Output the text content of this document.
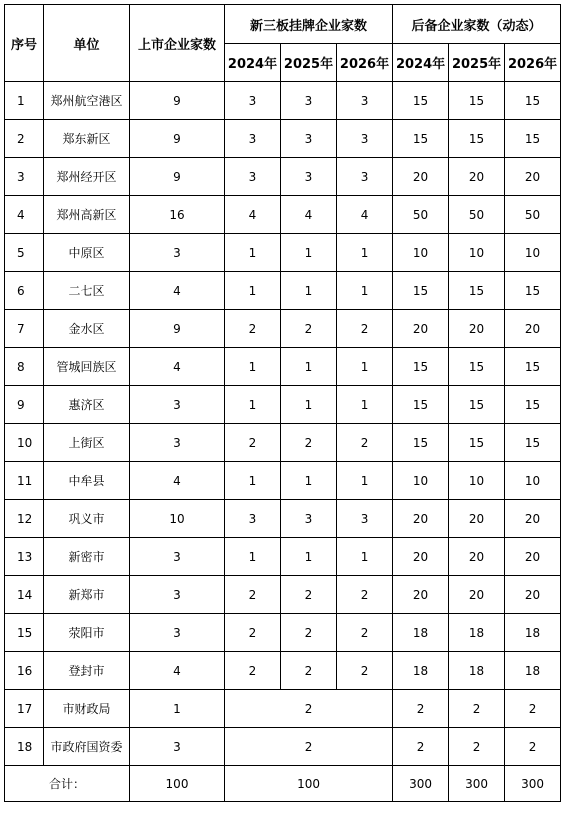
序号	单位	上市企业家数	新三板挂牌企业家数			后备企业家数（动态）		
			2024年	2025年	2026年	2024年	2025年	2026年
1	郑州航空港区	9	3	3	3	15	15	15
2	郑东新区	9	3	3	3	15	15	15
3	郑州经开区	9	3	3	3	20	20	20
4	郑州高新区	16	4	4	4	50	50	50
5	中原区	3	1	1	1	10	10	10
6	二七区	4	1	1	1	15	15	15
7	金水区	9	2	2	2	20	20	20
8	管城回族区	4	1	1	1	15	15	15
9	惠济区	3	1	1	1	15	15	15
10	上街区	3	2	2	2	15	15	15
11	中牟县	4	1	1	1	10	10	10
12	巩义市	10	3	3	3	20	20	20
13	新密市	3	1	1	1	20	20	20
14	新郑市	3	2	2	2	20	20	20
15	荥阳市	3	2	2	2	18	18	18
16	登封市	4	2	2	2	18	18	18
17	市财政局	1	2			2	2	2
18	市政府国资委	3	2			2	2	2
合计：		100	100			300	300	300
